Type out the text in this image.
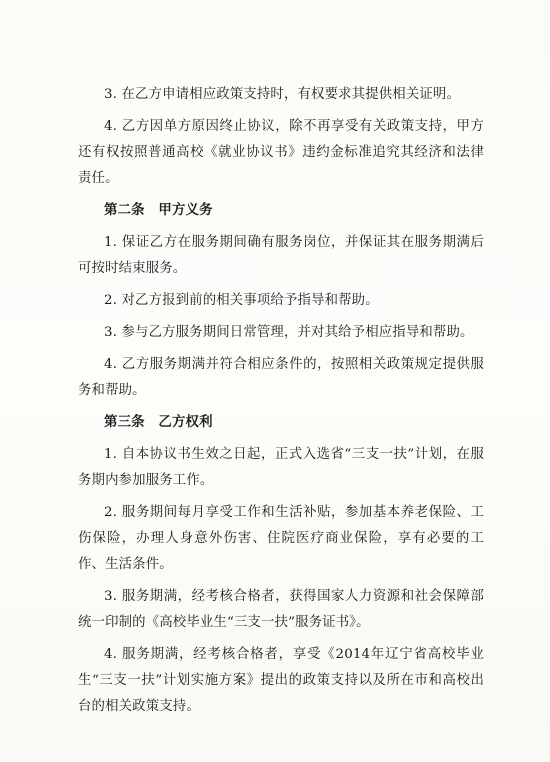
3. 在乙方申请相应政策支持时，有权要求其提供相关证明。

4. 乙方因单方原因终止协议，除不再享受有关政策支持，甲方还有权按照普通高校《就业协议书》违约金标准追究其经济和法律责任。

第二条　甲方义务

1. 保证乙方在服务期间确有服务岗位，并保证其在服务期满后可按时结束服务。

2. 对乙方报到前的相关事项给予指导和帮助。

3. 参与乙方服务期间日常管理，并对其给予相应指导和帮助。

4. 乙方服务期满并符合相应条件的，按照相关政策规定提供服务和帮助。

第三条　乙方权利

1. 自本协议书生效之日起，正式入选省“三支一扶”计划，在服务期内参加服务工作。

2. 服务期间每月享受工作和生活补贴，参加基本养老保险、工伤保险，办理人身意外伤害、住院医疗商业保险，享有必要的工作、生活条件。

3. 服务期满，经考核合格者，获得国家人力资源和社会保障部统一印制的《高校毕业生“三支一扶”服务证书》。

4. 服务期满，经考核合格者，享受《2014年辽宁省高校毕业生“三支一扶”计划实施方案》提出的政策支持以及所在市和高校出台的相关政策支持。
